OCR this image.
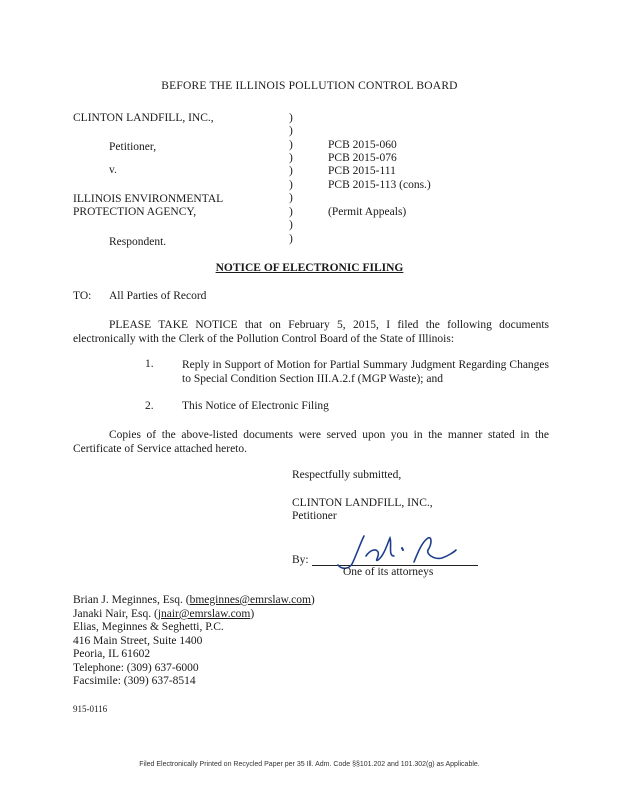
BEFORE THE ILLINOIS POLLUTION CONTROL BOARD
CLINTON LANDFILL, INC.,
Petitioner,
v.
ILLINOIS ENVIRONMENTAL
PROTECTION AGENCY,
Respondent.
)
)
)
)
)
)
)
)
)
)
PCB 2015-060
PCB 2015-076
PCB 2015-111
PCB 2015-113 (cons.)
(Permit Appeals)
NOTICE OF ELECTRONIC FILING
TO: All Parties of Record
PLEASE TAKE NOTICE that on February 5, 2015, I filed the following documents electronically with the Clerk of the Pollution Control Board of the State of Illinois:
1. Reply in Support of Motion for Partial Summary Judgment Regarding Changes to Special Condition Section III.A.2.f (MGP Waste); and
2. This Notice of Electronic Filing
Copies of the above-listed documents were served upon you in the manner stated in the Certificate of Service attached hereto.
Respectfully submitted,
CLINTON LANDFILL, INC.,
Petitioner
By:
One of its attorneys
Brian J. Meginnes, Esq. (bmeginnes@emrslaw.com)
Janaki Nair, Esq. (jnair@emrslaw.com)
Elias, Meginnes & Seghetti, P.C.
416 Main Street, Suite 1400
Peoria, IL 61602
Telephone: (309) 637-6000
Facsimile: (309) 637-8514
915-0116
Filed Electronically Printed on Recycled Paper per 35 Ill. Adm. Code §§101.202 and 101.302(g) as Applicable.
